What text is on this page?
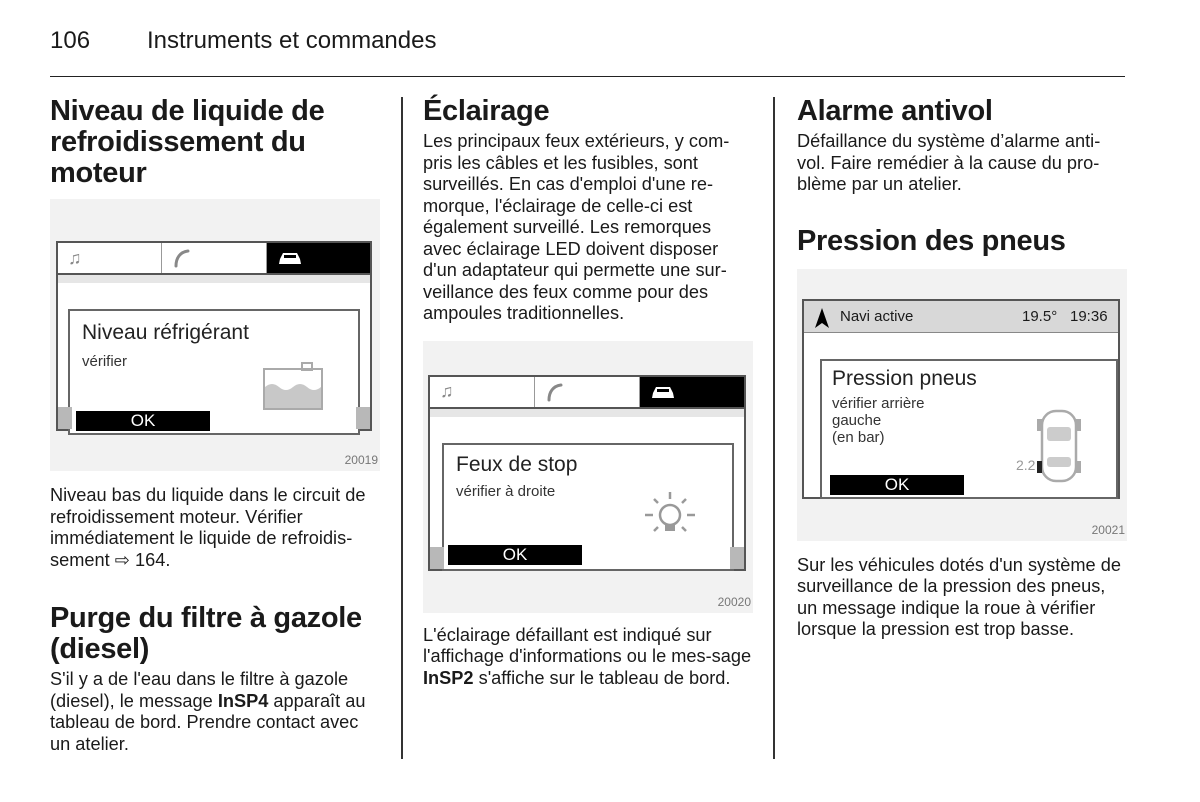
106 Instruments et commandes
Niveau de liquide de refroidissement du moteur
♫
Niveau réfrigérant
vérifier
OK
20019

Niveau bas du liquide dans le circuit de refroidissement moteur. Vérifier immédiatement le liquide de refroidis-sement ⇨ 164.

Purge du filtre à gazole (diesel)

S'il y a de l'eau dans le filtre à gazole (diesel), le message InSP4 apparaît au tableau de bord. Prendre contact avec un atelier.

Éclairage

Les principaux feux extérieurs, y com-pris les câbles et les fusibles, sont surveillés. En cas d'emploi d'une re-morque, l'éclairage de celle-ci est également surveillé. Les remorques avec éclairage LED doivent disposer d'un adaptateur qui permette une sur-veillance des feux comme pour des ampoules traditionnelles.

♫
Feux de stop
vérifier à droite
OK
20020

L'éclairage défaillant est indiqué sur l'affichage d'informations ou le mes-sage InSP2 s'affiche sur le tableau de bord.

Alarme antivol

Défaillance du système d’alarme anti-vol. Faire remédier à la cause du pro-blème par un atelier.

Pression des pneus
Navi active	19.5° 19:36
Pression pneus
vérifier arrière
gauche
(en bar)
2.2
OK
20021

Sur les véhicules dotés d'un système de surveillance de la pression des pneus, un message indique la roue à vérifier lorsque la pression est trop basse.
